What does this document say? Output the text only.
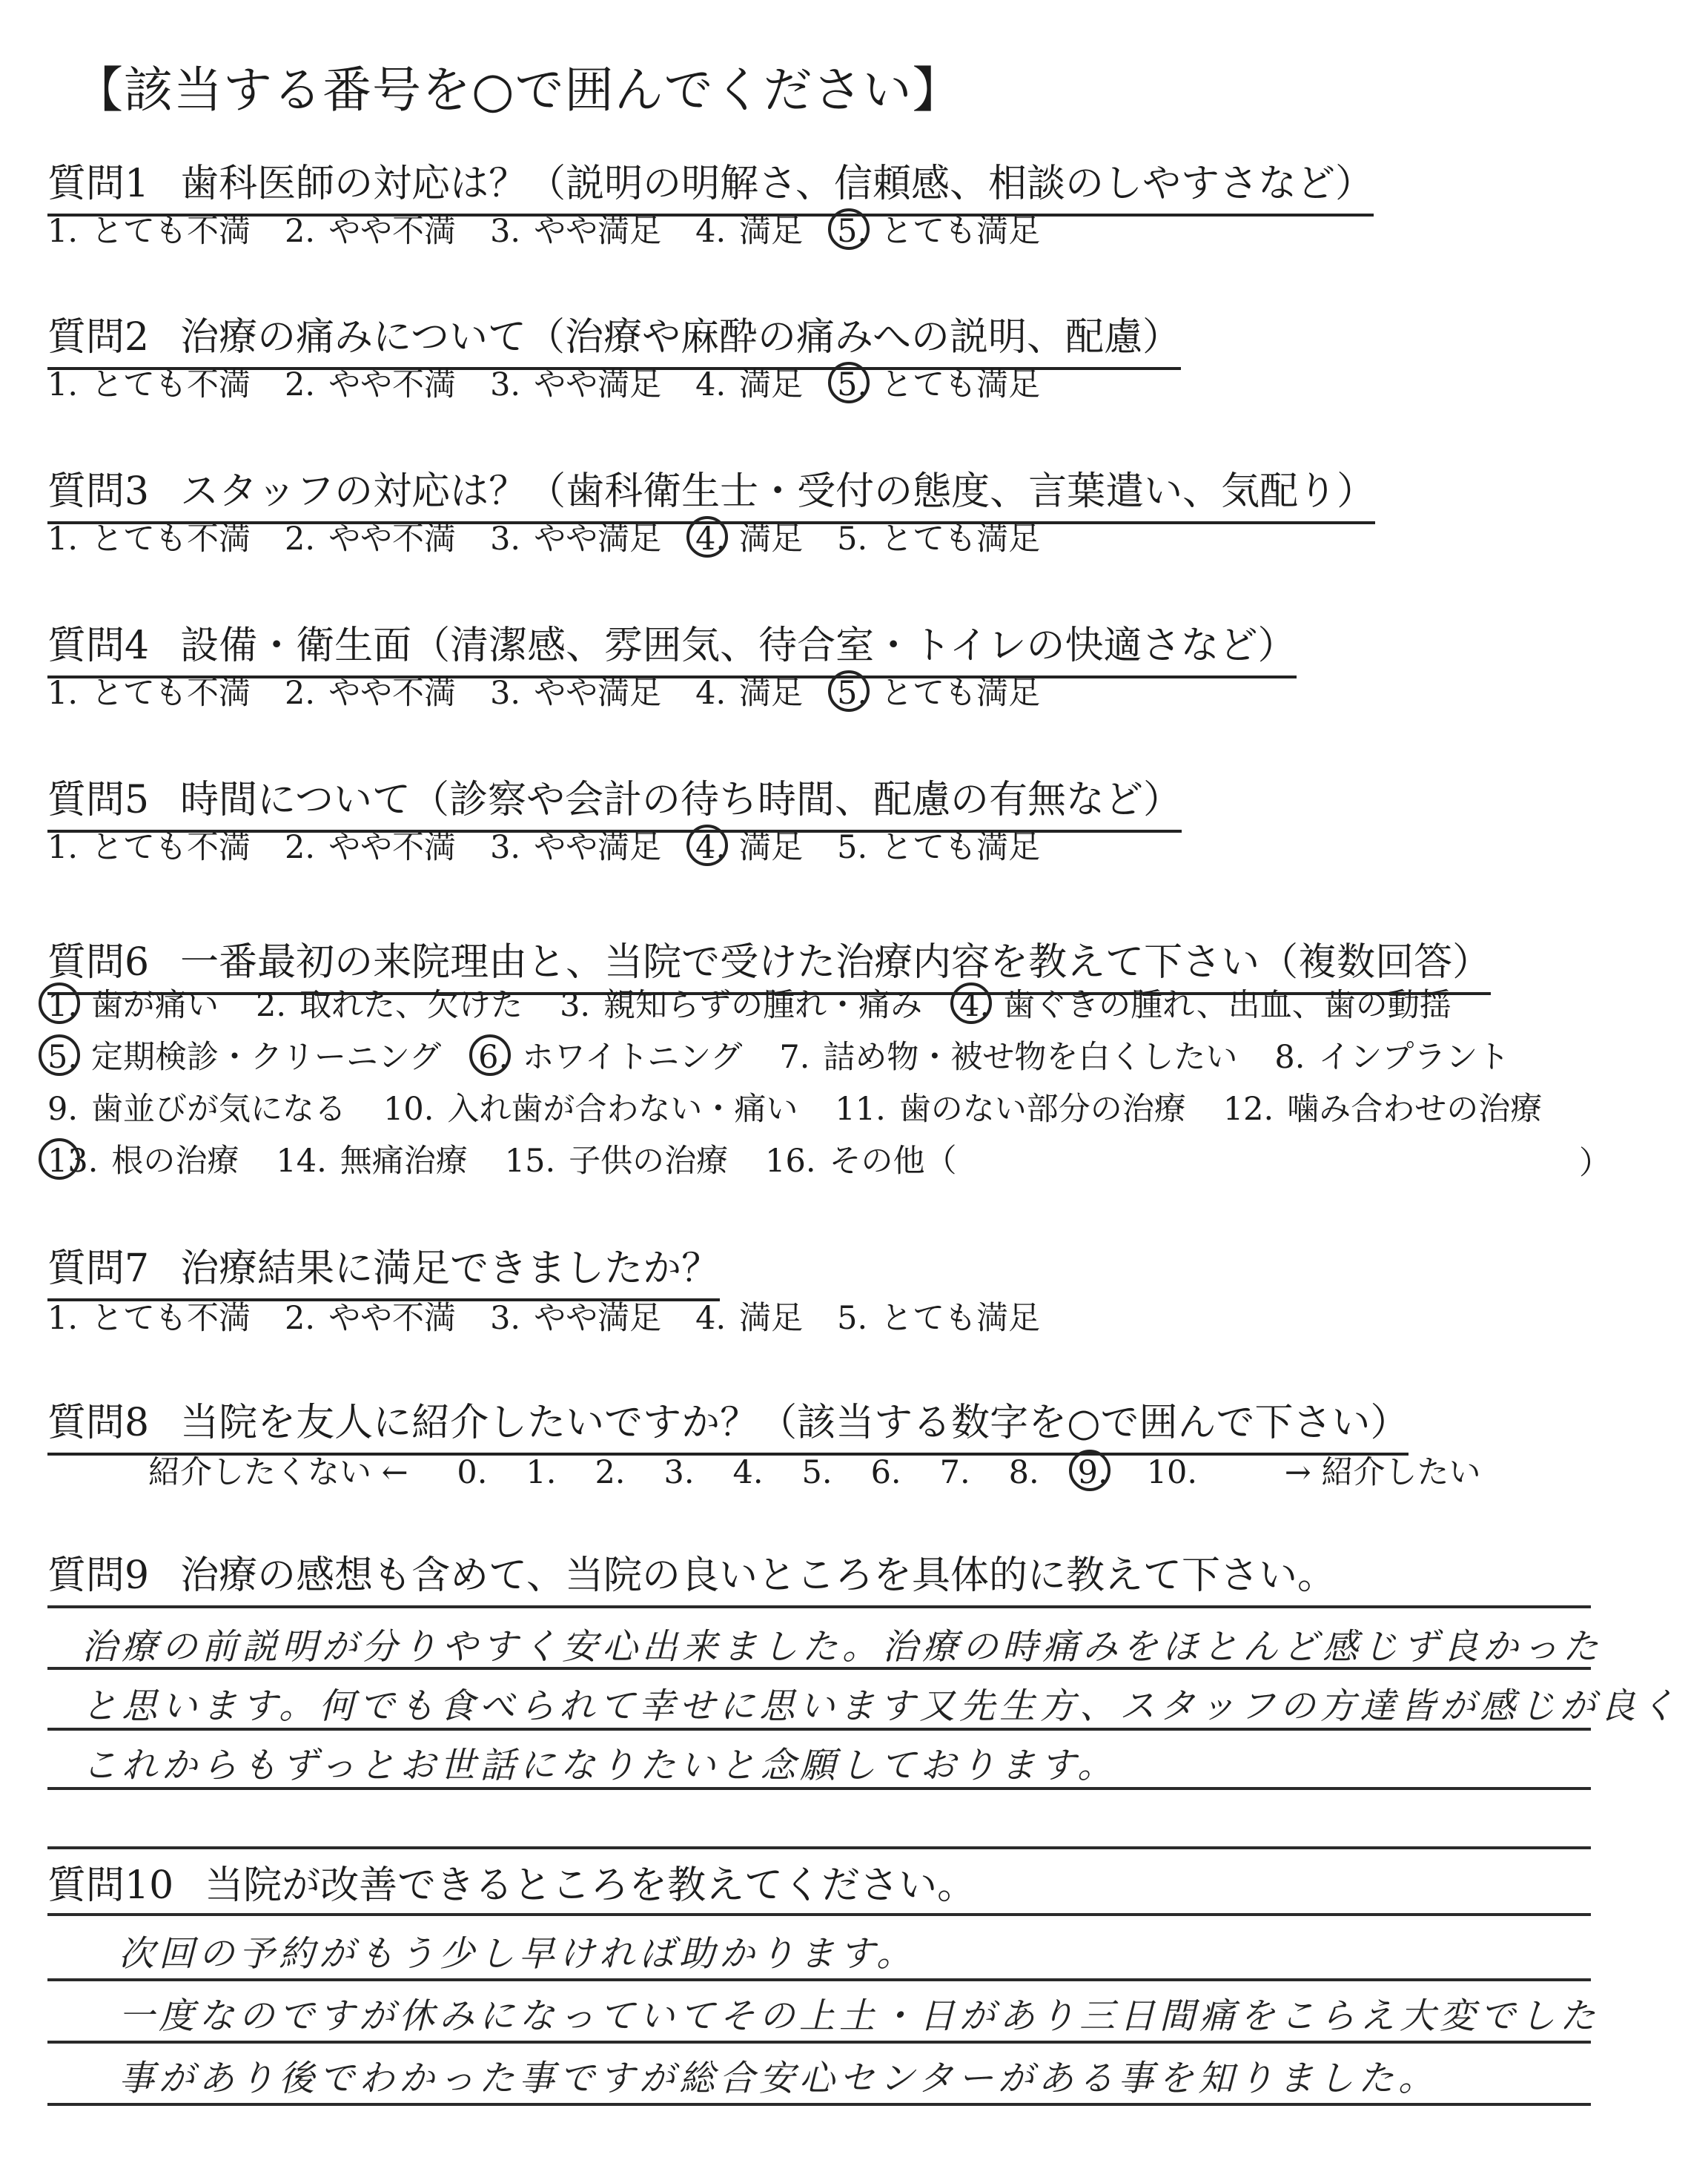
【該当する番号を○で囲んでください】
質問1 歯科医師の対応は？（説明の明解さ、信頼感、相談のしやすさなど）
1. とても不満 2. やや不満 3. やや満足 4. 満足 5. とても満足
質問2 治療の痛みについて（治療や麻酔の痛みへの説明、配慮）
1. とても不満 2. やや不満 3. やや満足 4. 満足 5. とても満足
質問3 スタッフの対応は？（歯科衛生士・受付の態度、言葉遣い、気配り）
1. とても不満 2. やや不満 3. やや満足 4. 満足 5. とても満足
質問4 設備・衛生面（清潔感、雰囲気、待合室・トイレの快適さなど）
1. とても不満 2. やや不満 3. やや満足 4. 満足 5. とても満足
質問5 時間について（診察や会計の待ち時間、配慮の有無など）
1. とても不満 2. やや不満 3. やや満足 4. 満足 5. とても満足
質問6 一番最初の来院理由と、当院で受けた治療内容を教えて下さい（複数回答）
1. 歯が痛い 2. 取れた、欠けた 3. 親知らずの腫れ・痛み 4. 歯ぐきの腫れ、出血、歯の動揺
5. 定期検診・クリーニング 6. ホワイトニング 7. 詰め物・被せ物を白くしたい 8. インプラント
9. 歯並びが気になる 10. 入れ歯が合わない・痛い 11. 歯のない部分の治療 12. 噛み合わせの治療
13. 根の治療 14. 無痛治療 15. 子供の治療 16. その他（
質問7 治療結果に満足できましたか？
1. とても不満 2. やや不満 3. やや満足 4. 満足 5. とても満足
質問8 当院を友人に紹介したいですか？（該当する数字を○で囲んで下さい）
紹介したくない ← 0. 1. 2. 3. 4. 5. 6. 7. 8. 9. 10.	→ 紹介したい
質問9 治療の感想も含めて、当院の良いところを具体的に教えて下さい。
治療の前説明が分りやすく安心出来ました。治療の時痛みをほとんど感じず良かった
と思います。何でも食べられて幸せに思います又先生方、スタッフの方達皆が感じが良く
これからもずっとお世話になりたいと念願しております。
質問10 当院が改善できるところを教えてください。
次回の予約がもう少し早ければ助かります。
一度なのですが休みになっていてその上土・日があり三日間痛をこらえ大変でした
事があり後でわかった事ですが総合安心センターがある事を知りました。
）
